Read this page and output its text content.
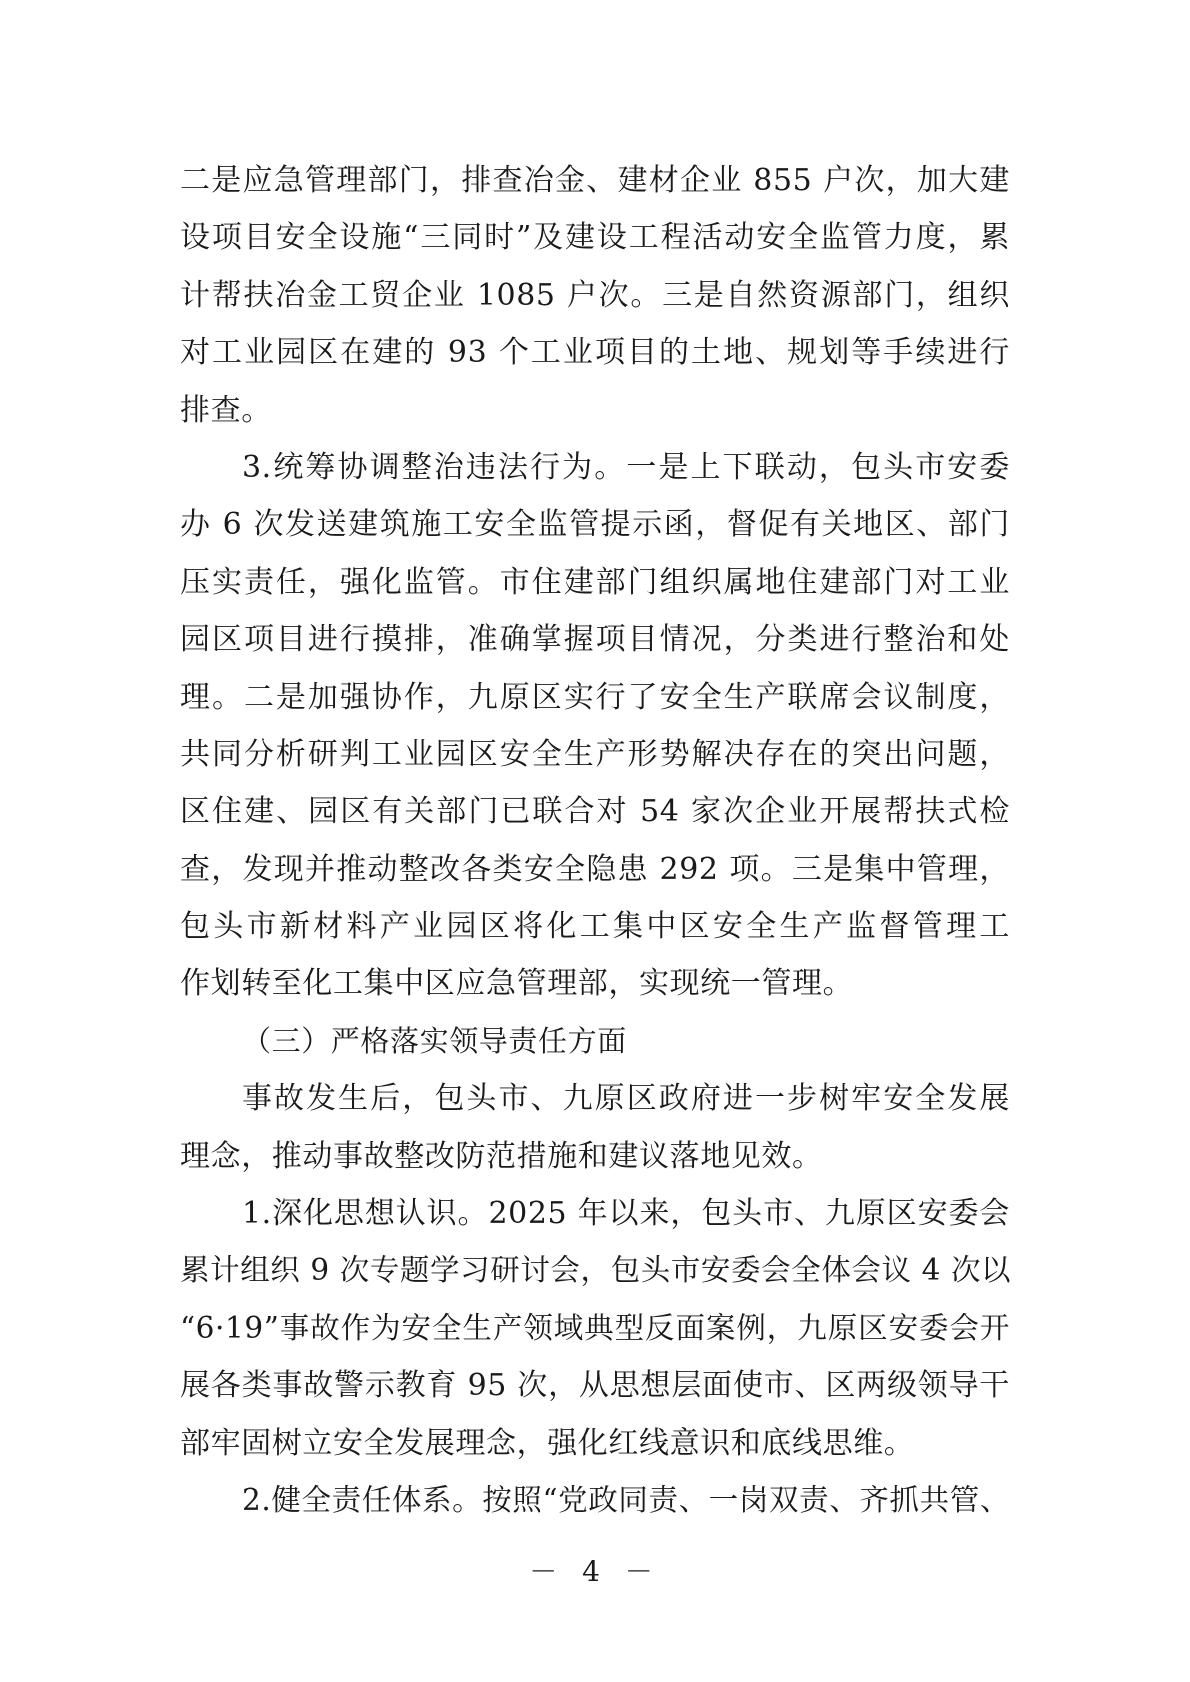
二是应急管理部门，排查冶金、建材企业 855 户次，加大建
设项目安全设施“三同时”及建设工程活动安全监管力度，累
计帮扶冶金工贸企业 1085 户次。三是自然资源部门，组织
对工业园区在建的 93 个工业项目的土地、规划等手续进行
排查。
3.统筹协调整治违法行为。一是上下联动，包头市安委
办 6 次发送建筑施工安全监管提示函，督促有关地区、部门
压实责任，强化监管。市住建部门组织属地住建部门对工业
园区项目进行摸排，准确掌握项目情况，分类进行整治和处
理。二是加强协作，九原区实行了安全生产联席会议制度，
共同分析研判工业园区安全生产形势解决存在的突出问题，
区住建、园区有关部门已联合对 54 家次企业开展帮扶式检
查，发现并推动整改各类安全隐患 292 项。三是集中管理，
包头市新材料产业园区将化工集中区安全生产监督管理工
作划转至化工集中区应急管理部，实现统一管理。
（三）严格落实领导责任方面
事故发生后，包头市、九原区政府进一步树牢安全发展
理念，推动事故整改防范措施和建议落地见效。
1.深化思想认识。2025 年以来，包头市、九原区安委会
累计组织 9 次专题学习研讨会，包头市安委会全体会议 4 次以
“6·19”事故作为安全生产领域典型反面案例，九原区安委会开
展各类事故警示教育 95 次，从思想层面使市、区两级领导干
部牢固树立安全发展理念，强化红线意识和底线思维。
2.健全责任体系。按照“党政同责、一岗双责、齐抓共管、
－ 4 －
